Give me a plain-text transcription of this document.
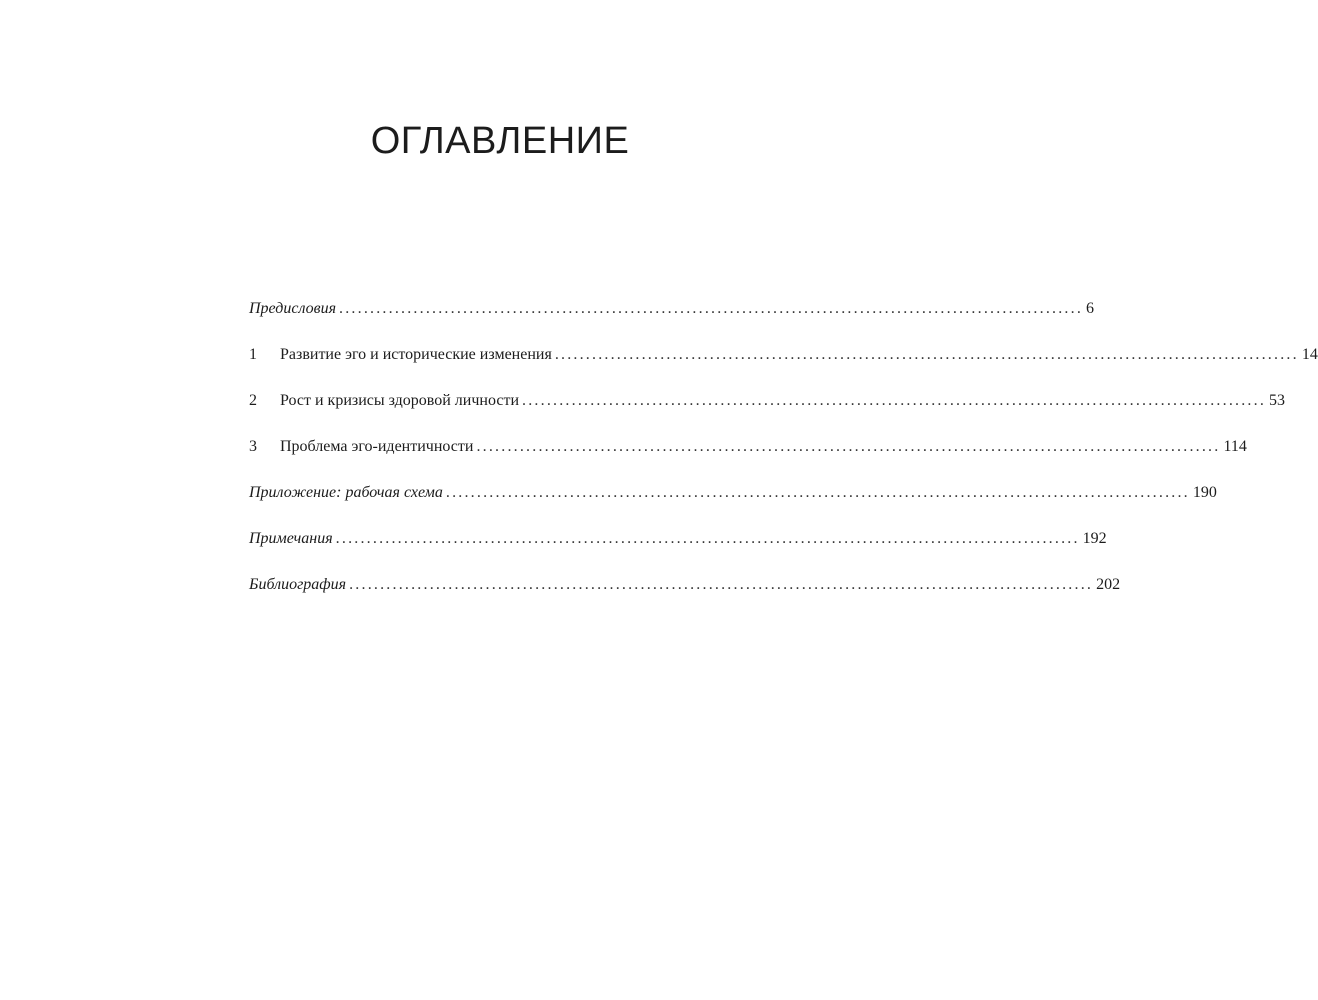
ОГЛАВЛЕНИЕ
Предисловия ........................................................................................................................ 6
1	Развитие эго и исторические изменения ........................................................................................................................ 14
2	Рост и кризисы здоровой личности ........................................................................................................................ 53
3	Проблема эго-идентичности ........................................................................................................................ 114
Приложение: рабочая схема ........................................................................................................................ 190
Примечания ........................................................................................................................ 192
Библиография ........................................................................................................................ 202
